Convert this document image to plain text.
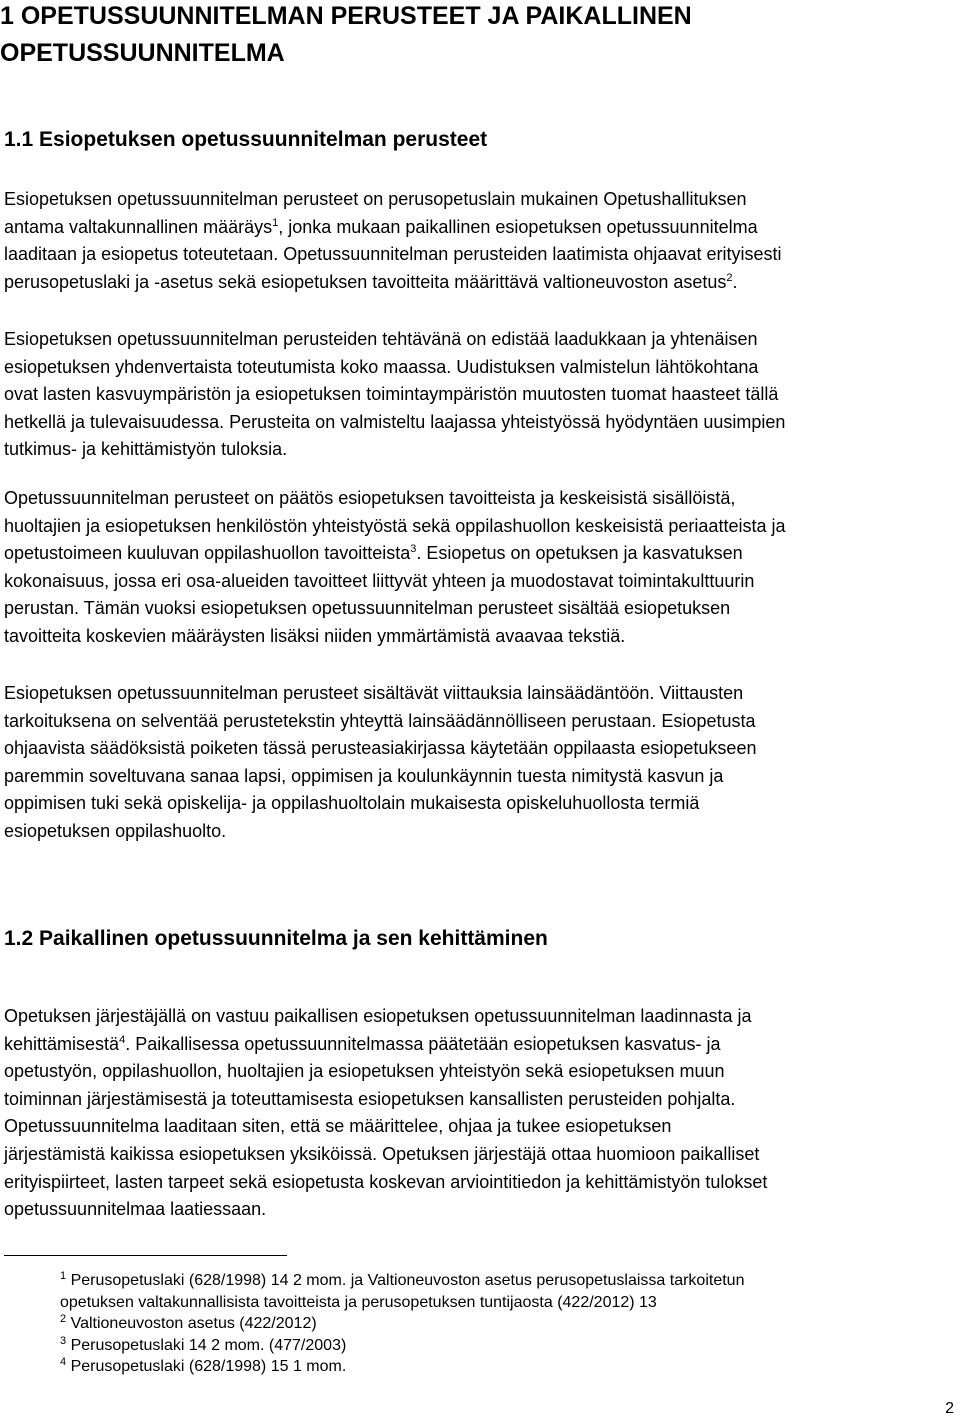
1 OPETUSSUUNNITELMAN PERUSTEET JA PAIKALLINEN
OPETUSSUUNNITELMA
1.1 Esiopetuksen opetussuunnitelman perusteet
Esiopetuksen opetussuunnitelman perusteet on perusopetuslain mukainen Opetushallituksen
antama valtakunnallinen määräys$^1$, jonka mukaan paikallinen esiopetuksen opetussuunnitelma
laaditaan ja esiopetus toteutetaan. Opetussuunnitelman perusteiden laatimista ohjaavat erityisesti
perusopetuslaki ja -asetus sekä esiopetuksen tavoitteita määrittävä valtioneuvoston asetus$^2$.
Esiopetuksen opetussuunnitelman perusteiden tehtävänä on edistää laadukkaan ja yhtenäisen
esiopetuksen yhdenvertaista toteutumista koko maassa. Uudistuksen valmistelun lähtökohtana
ovat lasten kasvuympäristön ja esiopetuksen toimintaympäristön muutosten tuomat haasteet tällä
hetkellä ja tulevaisuudessa. Perusteita on valmisteltu laajassa yhteistyössä hyödyntäen uusimpien
tutkimus- ja kehittämistyön tuloksia.
Opetussuunnitelman perusteet on päätös esiopetuksen tavoitteista ja keskeisistä sisällöistä,
huoltajien ja esiopetuksen henkilöstön yhteistyöstä sekä oppilashuollon keskeisistä periaatteista ja
opetustoimeen kuuluvan oppilashuollon tavoitteista$^3$. Esiopetus on opetuksen ja kasvatuksen
kokonaisuus, jossa eri osa-alueiden tavoitteet liittyvät yhteen ja muodostavat toimintakulttuurin
perustan. Tämän vuoksi esiopetuksen opetussuunnitelman perusteet sisältää esiopetuksen
tavoitteita koskevien määräysten lisäksi niiden ymmärtämistä avaavaa tekstiä.
Esiopetuksen opetussuunnitelman perusteet sisältävät viittauksia lainsäädäntöön. Viittausten
tarkoituksena on selventää perustetekstin yhteyttä lainsäädännölliseen perustaan. Esiopetusta
ohjaavista säädöksistä poiketen tässä perusteasiakirjassa käytetään oppilaasta esiopetukseen
paremmin soveltuvana sanaa lapsi, oppimisen ja koulunkäynnin tuesta nimitystä kasvun ja
oppimisen tuki sekä opiskelija- ja oppilashuoltolain mukaisesta opiskeluhuollosta termiä
esiopetuksen oppilashuolto.
1.2 Paikallinen opetussuunnitelma ja sen kehittäminen
Opetuksen järjestäjällä on vastuu paikallisen esiopetuksen opetussuunnitelman laadinnasta ja
kehittämisestä$^4$. Paikallisessa opetussuunnitelmassa päätetään esiopetuksen kasvatus- ja
opetustyön, oppilashuollon, huoltajien ja esiopetuksen yhteistyön sekä esiopetuksen muun
toiminnan järjestämisestä ja toteuttamisesta esiopetuksen kansallisten perusteiden pohjalta.
Opetussuunnitelma laaditaan siten, että se määrittelee, ohjaa ja tukee esiopetuksen
järjestämistä kaikissa esiopetuksen yksiköissä. Opetuksen järjestäjä ottaa huomioon paikalliset
erityispiirteet, lasten tarpeet sekä esiopetusta koskevan arviointitiedon ja kehittämistyön tulokset
opetussuunnitelmaa laatiessaan.
$^1$ Perusopetuslaki (628/1998) 14 2 mom. ja Valtioneuvoston asetus perusopetuslaissa tarkoitetun
opetuksen valtakunnallisista tavoitteista ja perusopetuksen tuntijaosta (422/2012) 13
$^2$ Valtioneuvoston asetus (422/2012)
$^3$ Perusopetuslaki 14 2 mom. (477/2003)
$^4$ Perusopetuslaki (628/1998) 15 1 mom.
2
